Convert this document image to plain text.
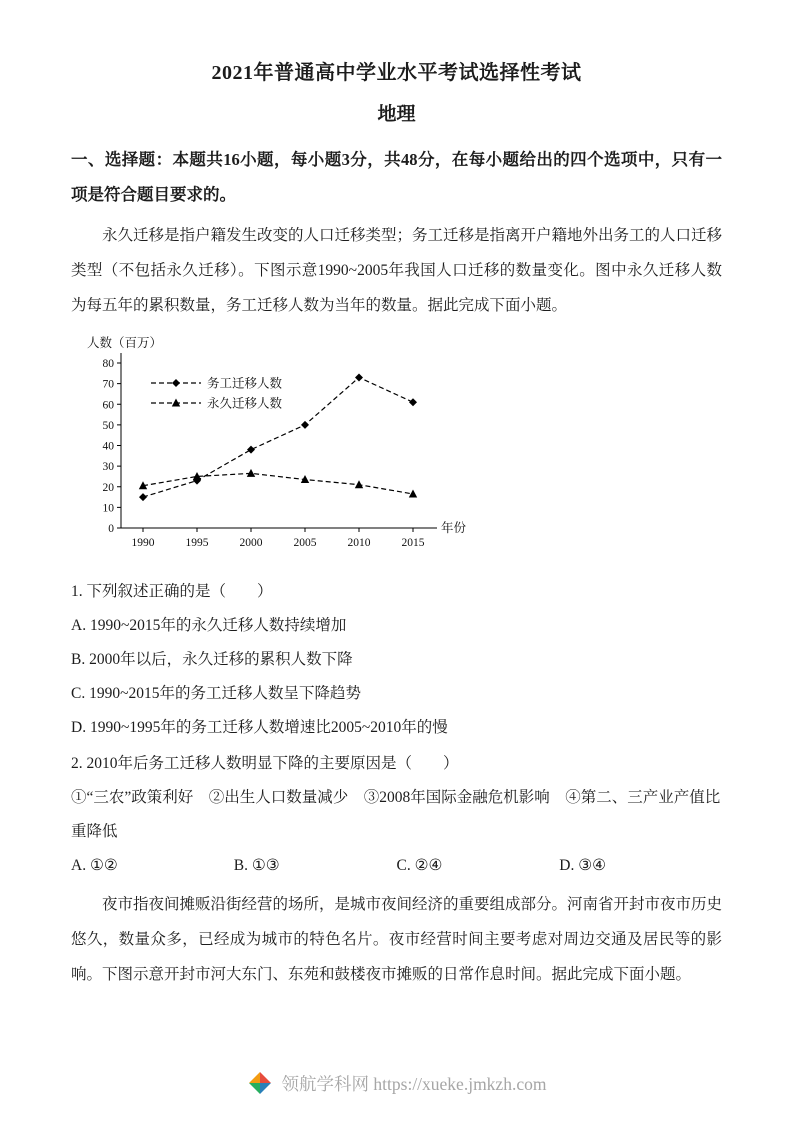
2021年普通高中学业水平考试选择性考试
地理

一、选择题：本题共16小题，每小题3分，共48分，在每小题给出的四个选项中，只有一项是符合题目要求的。

永久迁移是指户籍发生改变的人口迁移类型；务工迁移是指离开户籍地外出务工的人口迁移类型（不包括永久迁移）。下图示意1990~2005年我国人口迁移的数量变化。图中永久迁移人数为每五年的累积数量，务工迁移人数为当年的数量。据此完成下面小题。

0
10
20
30
40
50
60
70
80
1990	1995	2000	2005	2010	2015
人数（百万）
年份
务工迁移人数
永久迁移人数

1. 下列叙述正确的是（　　）

A. 1990~2015年的永久迁移人数持续增加

B. 2000年以后，永久迁移的累积人数下降

C. 1990~2015年的务工迁移人数呈下降趋势

D. 1990~1995年的务工迁移人数增速比2005~2010年的慢

2. 2010年后务工迁移人数明显下降的主要原因是（　　）

①“三农”政策利好　②出生人口数量减少　③2008年国际金融危机影响　④第二、三产业产值比重降低

A. ①②	B. ①③	C. ②④	D. ③④

夜市指夜间摊贩沿街经营的场所，是城市夜间经济的重要组成部分。河南省开封市夜市历史悠久，数量众多，已经成为城市的特色名片。夜市经营时间主要考虑对周边交通及居民等的影响。下图示意开封市河大东门、东苑和鼓楼夜市摊贩的日常作息时间。据此完成下面小题。

领航学科网 https://xueke.jmkzh.com
